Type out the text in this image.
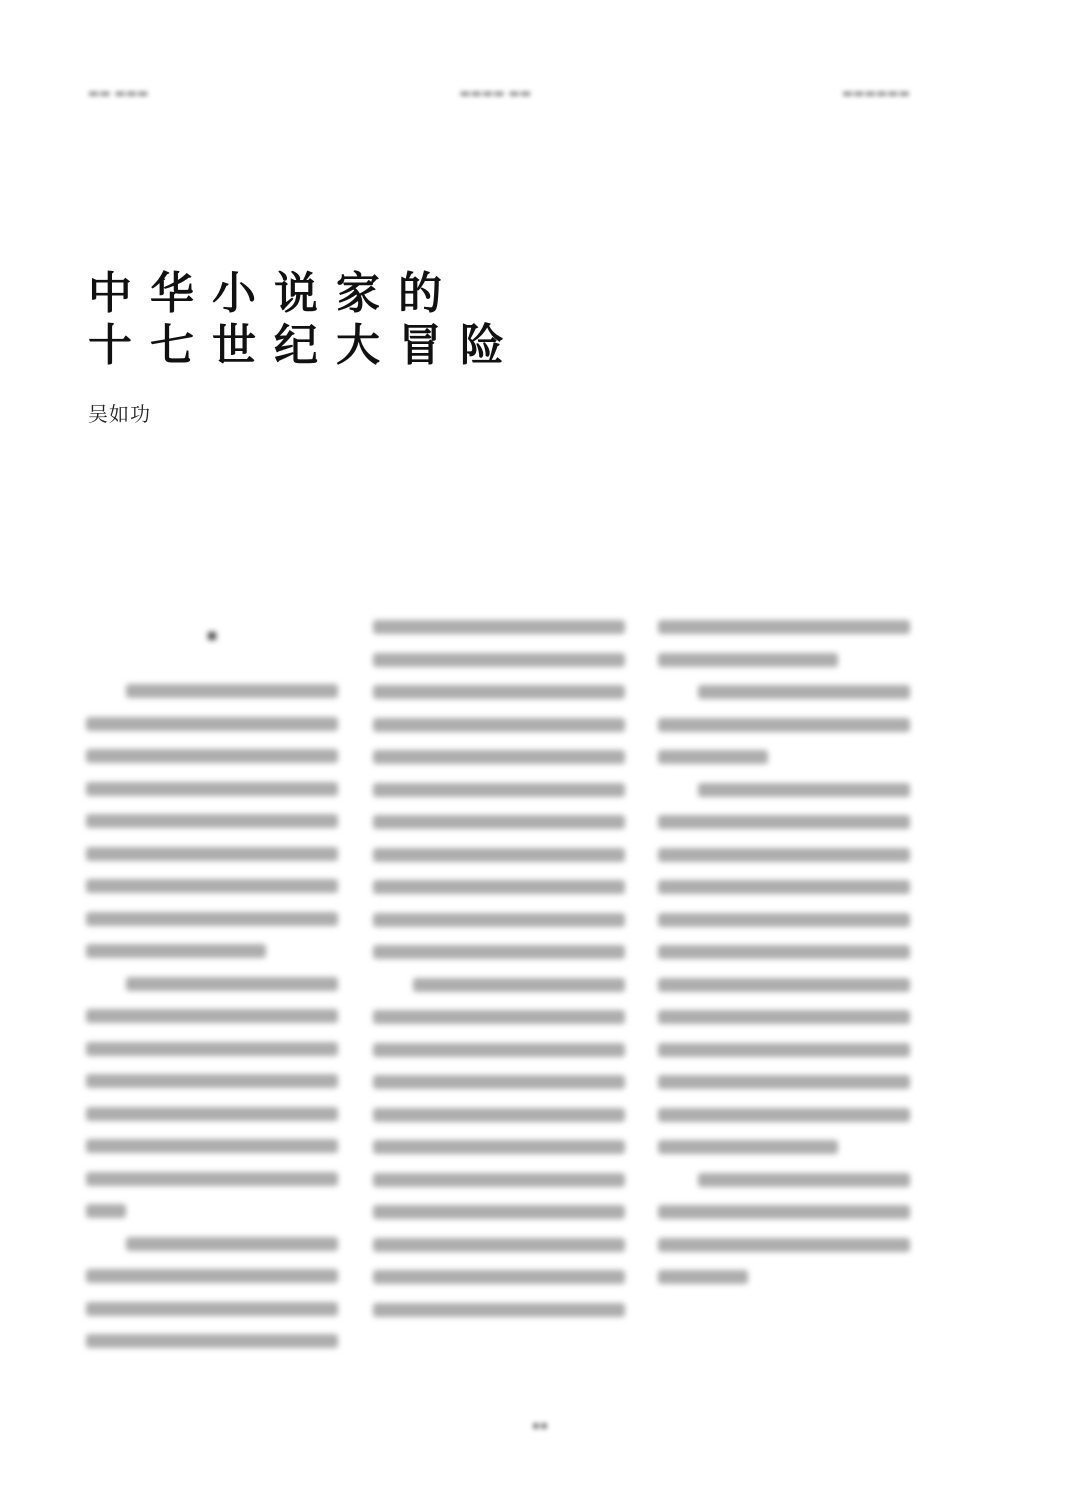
▬▬ ▬▬▬	▬▬▬▬ ▬▬	▬▬▬▬▬▬
中华小说家的
十七世纪大冒险
吴如功
▪
▪▪
